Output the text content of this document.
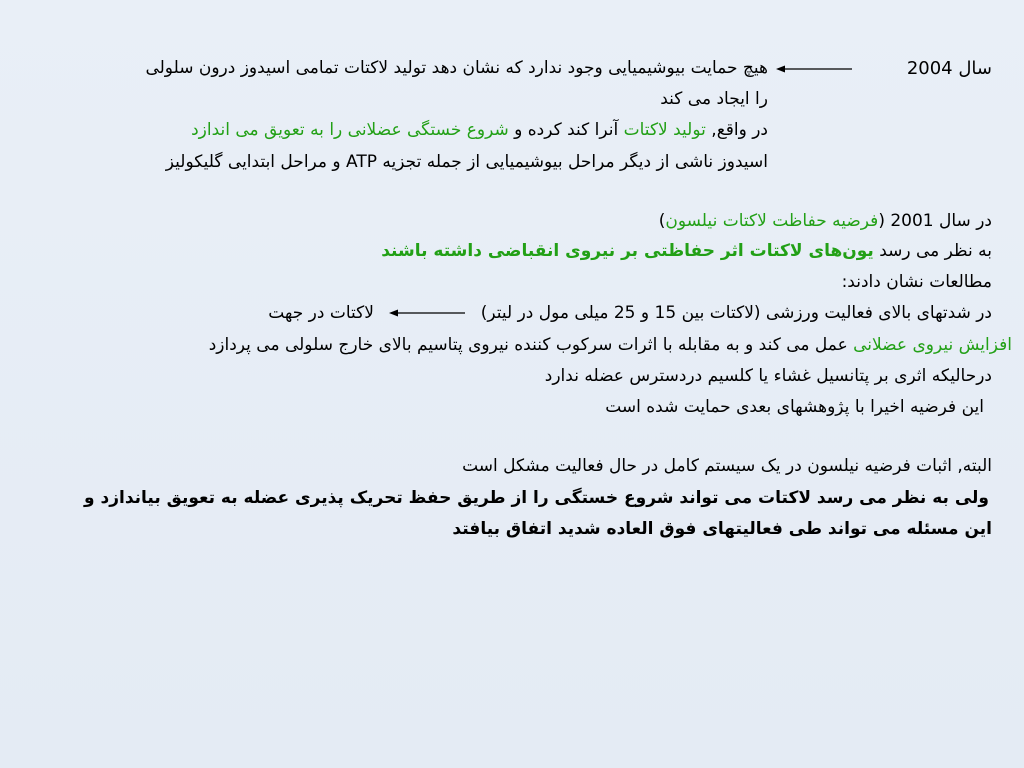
سال 2004
هیچ حمایت بیوشیمیایی وجود ندارد که نشان دهد تولید لاکتات تمامی اسیدوز درون سلولی
را ایجاد می کند
در واقع, تولید لاکتات آنرا کند کرده و شروع خستگی عضلانی را به تعویق می اندازد
اسیدوز ناشی از دیگر مراحل بیوشیمیایی از جمله تجزیه ATP و مراحل ابتدایی گلیکولیز
در سال 2001 (فرضیه حفاظت لاکتات نیلسون)
به نظر می رسد یون‌های لاکتات اثر حفاظتی بر نیروی انقباضی داشته باشند
مطالعات نشان دادند:
در شدتهای بالای فعالیت ورزشی (لاکتات بین 15 و 25 میلی مول در لیتر)
لاکتات در جهت
افزایش نیروی عضلانی عمل می کند و به مقابله با اثرات سرکوب کننده نیروی پتاسیم بالای خارج سلولی می پردازد
درحالیکه اثری بر پتانسیل غشاء یا کلسیم دردسترس عضله ندارد
این فرضیه اخیرا با پژوهشهای بعدی حمایت شده است
البته, اثبات فرضیه نیلسون در یک سیستم کامل در حال فعالیت مشکل است
ولی به نظر می رسد لاکتات می تواند شروع خستگی را از طریق حفظ تحریک پذیری عضله به تعویق بیاندازد و
این مسئله می تواند طی فعالیتهای فوق العاده شدید اتفاق بیافتد
